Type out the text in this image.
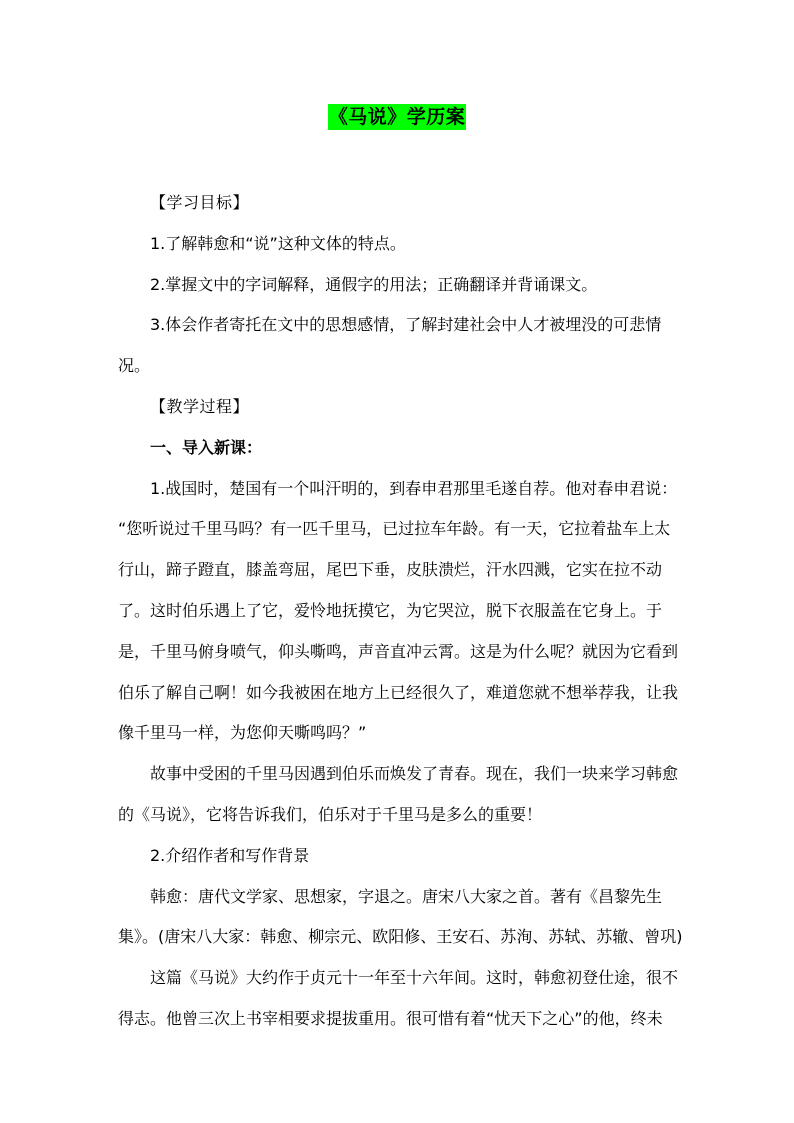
《马说》学历案

【学习目标】

1.了解韩愈和“说”这种文体的特点。

2.掌握文中的字词解释，通假字的用法；正确翻译并背诵课文。

3.体会作者寄托在文中的思想感情，了解封建社会中人才被埋没的可悲情况。

【教学过程】

一、导入新课：

1.战国时，楚国有一个叫汗明的，到春申君那里毛遂自荐。他对春申君说：

“您听说过千里马吗？有一匹千里马，已过拉车年龄。有一天，它拉着盐车上太行山，蹄子蹬直，膝盖弯屈，尾巴下垂，皮肤溃烂，汗水四溅，它实在拉不动了。这时伯乐遇上了它，爱怜地抚摸它，为它哭泣，脱下衣服盖在它身上。于是，千里马俯身喷气，仰头嘶鸣，声音直冲云霄。这是为什么呢？就因为它看到伯乐了解自己啊！如今我被困在地方上已经很久了，难道您就不想举荐我，让我像千里马一样，为您仰天嘶鸣吗？”

故事中受困的千里马因遇到伯乐而焕发了青春。现在，我们一块来学习韩愈的《马说》，它将告诉我们，伯乐对于千里马是多么的重要！

2.介绍作者和写作背景

韩愈：唐代文学家、思想家，字退之。唐宋八大家之首。著有《昌黎先生集》。(唐宋八大家：韩愈、柳宗元、欧阳修、王安石、苏洵、苏轼、苏辙、曾巩)

这篇《马说》大约作于贞元十一年至十六年间。这时，韩愈初登仕途，很不得志。他曾三次上书宰相要求提拔重用。很可惜有着“忧天下之心”的他，终未
